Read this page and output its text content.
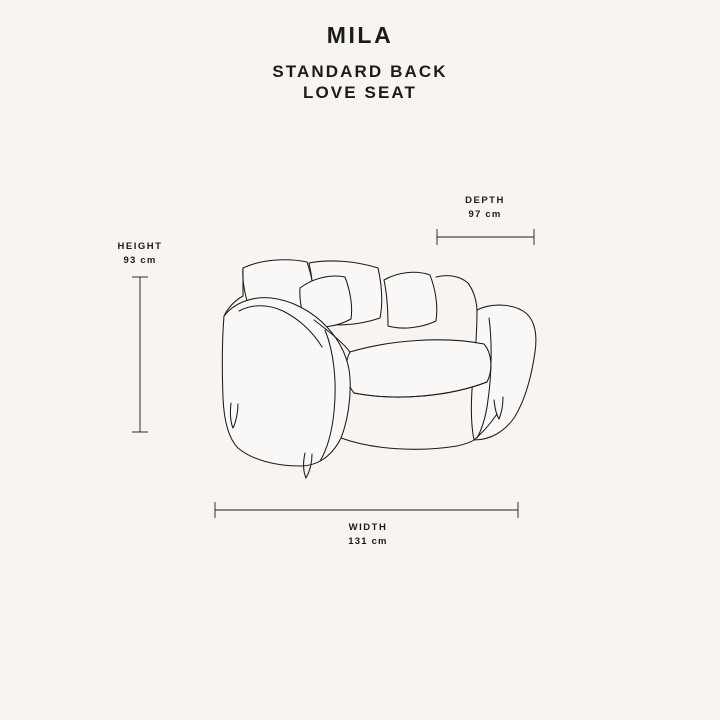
MILA
STANDARD BACK
LOVE SEAT
HEIGHT
93 cm
DEPTH
97 cm
WIDTH
131 cm
